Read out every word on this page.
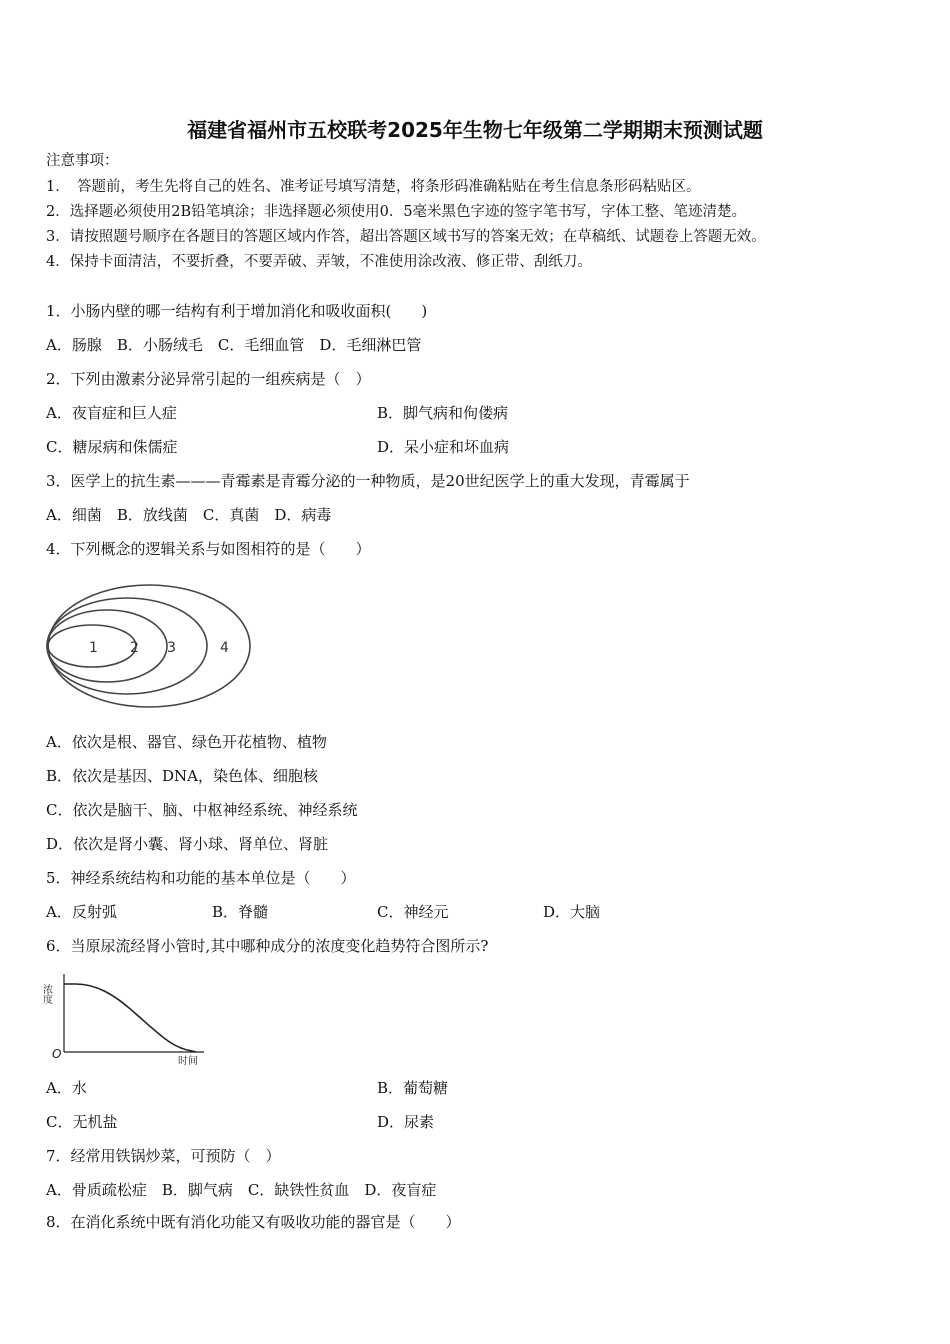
福建省福州市五校联考2025年生物七年级第二学期期末预测试题
注意事项：
1．　答题前，考生先将自己的姓名、准考证号填写清楚，将条形码准确粘贴在考生信息条形码粘贴区。
2．选择题必须使用2B铅笔填涂；非选择题必须使用0．5毫米黑色字迹的签字笔书写，字体工整、笔迹清楚。
3．请按照题号顺序在各题目的答题区域内作答，超出答题区域书写的答案无效；在草稿纸、试题卷上答题无效。
4．保持卡面清洁，不要折叠，不要弄破、弄皱，不准使用涂改液、修正带、刮纸刀。
1．小肠内壁的哪一结构有利于增加消化和吸收面积(　　)
A．肠腺　B．小肠绒毛　C．毛细血管　D．毛细淋巴管
2．下列由激素分泌异常引起的一组疾病是（　）
A．夜盲症和巨人症	B．脚气病和佝偻病
C．糖尿病和侏儒症	D．呆小症和坏血病
3．医学上的抗生素———青霉素是青霉分泌的一种物质，是20世纪医学上的重大发现，青霉属于
A．细菌　B．放线菌　C．真菌　D．病毒
4．下列概念的逻辑关系与如图相符的是（　　）
1 2 3	4
A．依次是根、器官、绿色开花植物、植物
B．依次是基因、DNA，染色体、细胞核
C．依次是脑干、脑、中枢神经系统、神经系统
D．依次是肾小囊、肾小球、肾单位、肾脏
5．神经系统结构和功能的基本单位是（　　）
A．反射弧	B．脊髓	C．神经元	D．大脑
6．当原尿流经肾小管时,其中哪种成分的浓度变化趋势符合图所示?
浓度
时间
O
A．水	B．葡萄糖
C．无机盐	D．尿素
7．经常用铁锅炒菜，可预防（　）
A．骨质疏松症　B．脚气病　C．缺铁性贫血　D．夜盲症
8．在消化系统中既有消化功能又有吸收功能的器官是（　　）
